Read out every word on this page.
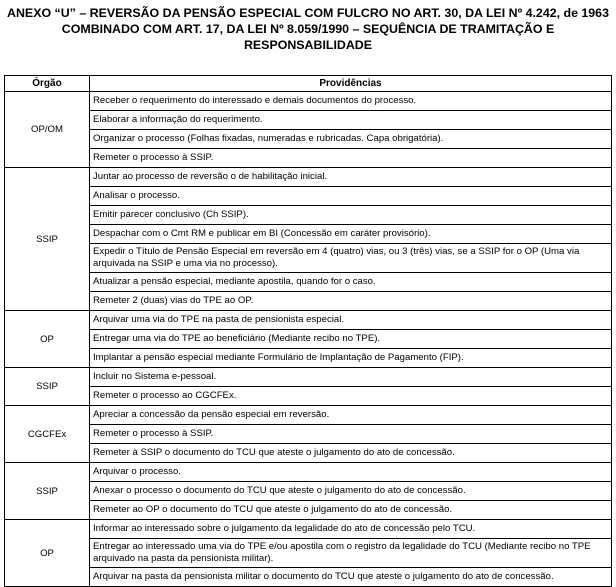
ANEXO “U” – REVERSÃO DA PENSÃO ESPECIAL COM FULCRO NO ART. 30, DA LEI Nº 4.242, de 1963
COMBINADO COM ART. 17, DA LEI Nº 8.059/1990 – SEQUÊNCIA DE TRAMITAÇÃO E
RESPONSABILIDADE
Órgão	Providências
OP/OM	Receber o requerimento do interessado e demais documentos do processo.
	Elaborar a informação do requerimento.
	Organizar o processo (Folhas fixadas, numeradas e rubricadas. Capa obrigatória).
	Remeter o processo à SSIP.
SSIP	Juntar ao processo de reversão o de habilitação inicial.
	Analisar o processo.
	Emitir parecer conclusivo (Ch SSIP).
	Despachar com o Cmt RM e publicar em BI (Concessão em caráter provisório).
	Expedir o Título de Pensão Especial em reversão em 4 (quatro) vias, ou 3 (três) vias, se a SSIP for o OP (Uma via arquivada na SSIP e uma via no processo).
	Atualizar a pensão especial, mediante apostila, quando for o caso.
	Remeter 2 (duas) vias do TPE ao OP.
OP	Arquivar uma via do TPE na pasta de pensionista especial.
	Entregar uma via do TPE ao beneficiário (Mediante recibo no TPE).
	Implantar a pensão especial mediante Formulário de Implantação de Pagamento (FIP).
SSIP	Incluir no Sistema e-pessoal.
	Remeter o processo ao CGCFEx.
CGCFEx	Apreciar a concessão da pensão especial em reversão.
	Remeter o processo à SSIP.
	Remeter à SSIP o documento do TCU que ateste o julgamento do ato de concessão.
SSIP	Arquivar o processo.
	Anexar o processo o documento do TCU que ateste o julgamento do ato de concessão.
	Remeter ao OP o documento do TCU que ateste o julgamento do ato de concessão.
OP	Informar ao interessado sobre o julgamento da legalidade do ato de concessão pelo TCU.
	Entregar ao interessado uma via do TPE e/ou apostila com o registro da legalidade do TCU (Mediante recibo no TPE arquivado na pasta da pensionista militar).
	Arquivar na pasta da pensionista militar o documento do TCU que ateste o julgamento do ato de concessão.
